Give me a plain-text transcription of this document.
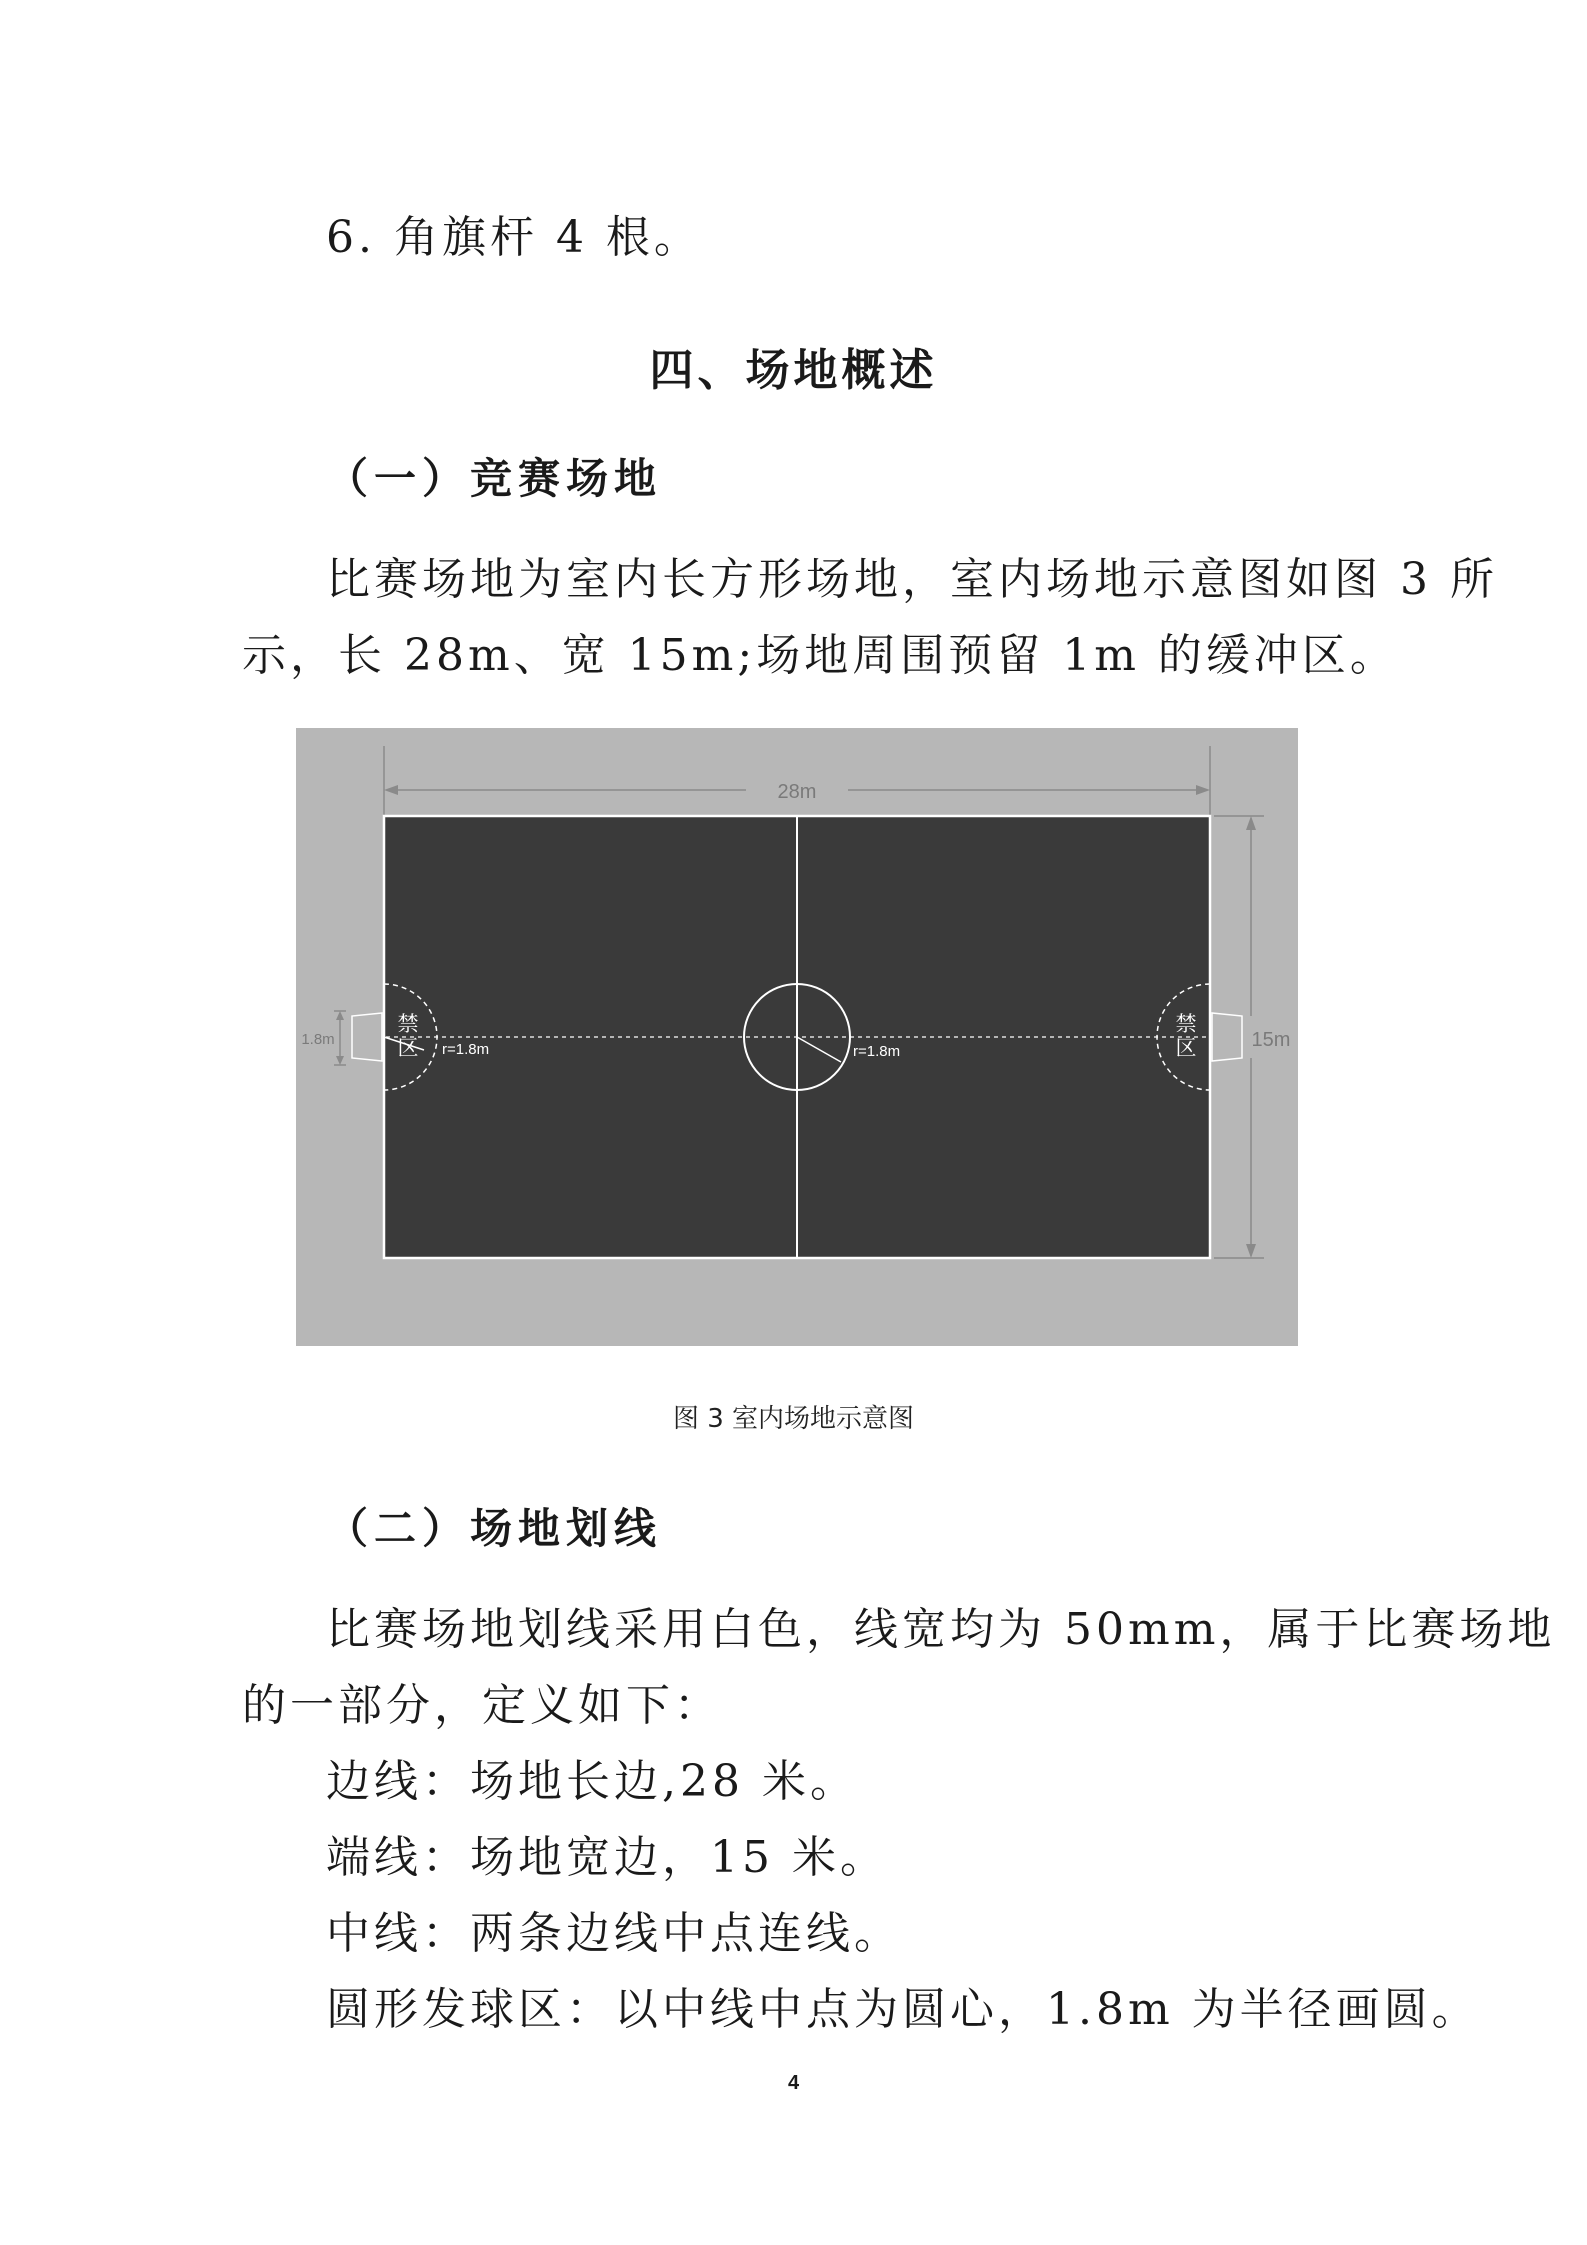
6. 角旗杆 4 根。
四、场地概述
（一）竞赛场地
比赛场地为室内长方形场地，室内场地示意图如图 3 所
示，长 28m、宽 15m;场地周围预留 1m 的缓冲区。
28m
15m
1.8m
r=1.8m
r=1.8m
禁
区
禁
区
图 3 室内场地示意图
（二）场地划线
比赛场地划线采用白色，线宽均为 50mm，属于比赛场地
的一部分，定义如下：
边线：场地长边,28 米。
端线：场地宽边，15 米。
中线：两条边线中点连线。
圆形发球区：以中线中点为圆心，1.8m 为半径画圆。
4
